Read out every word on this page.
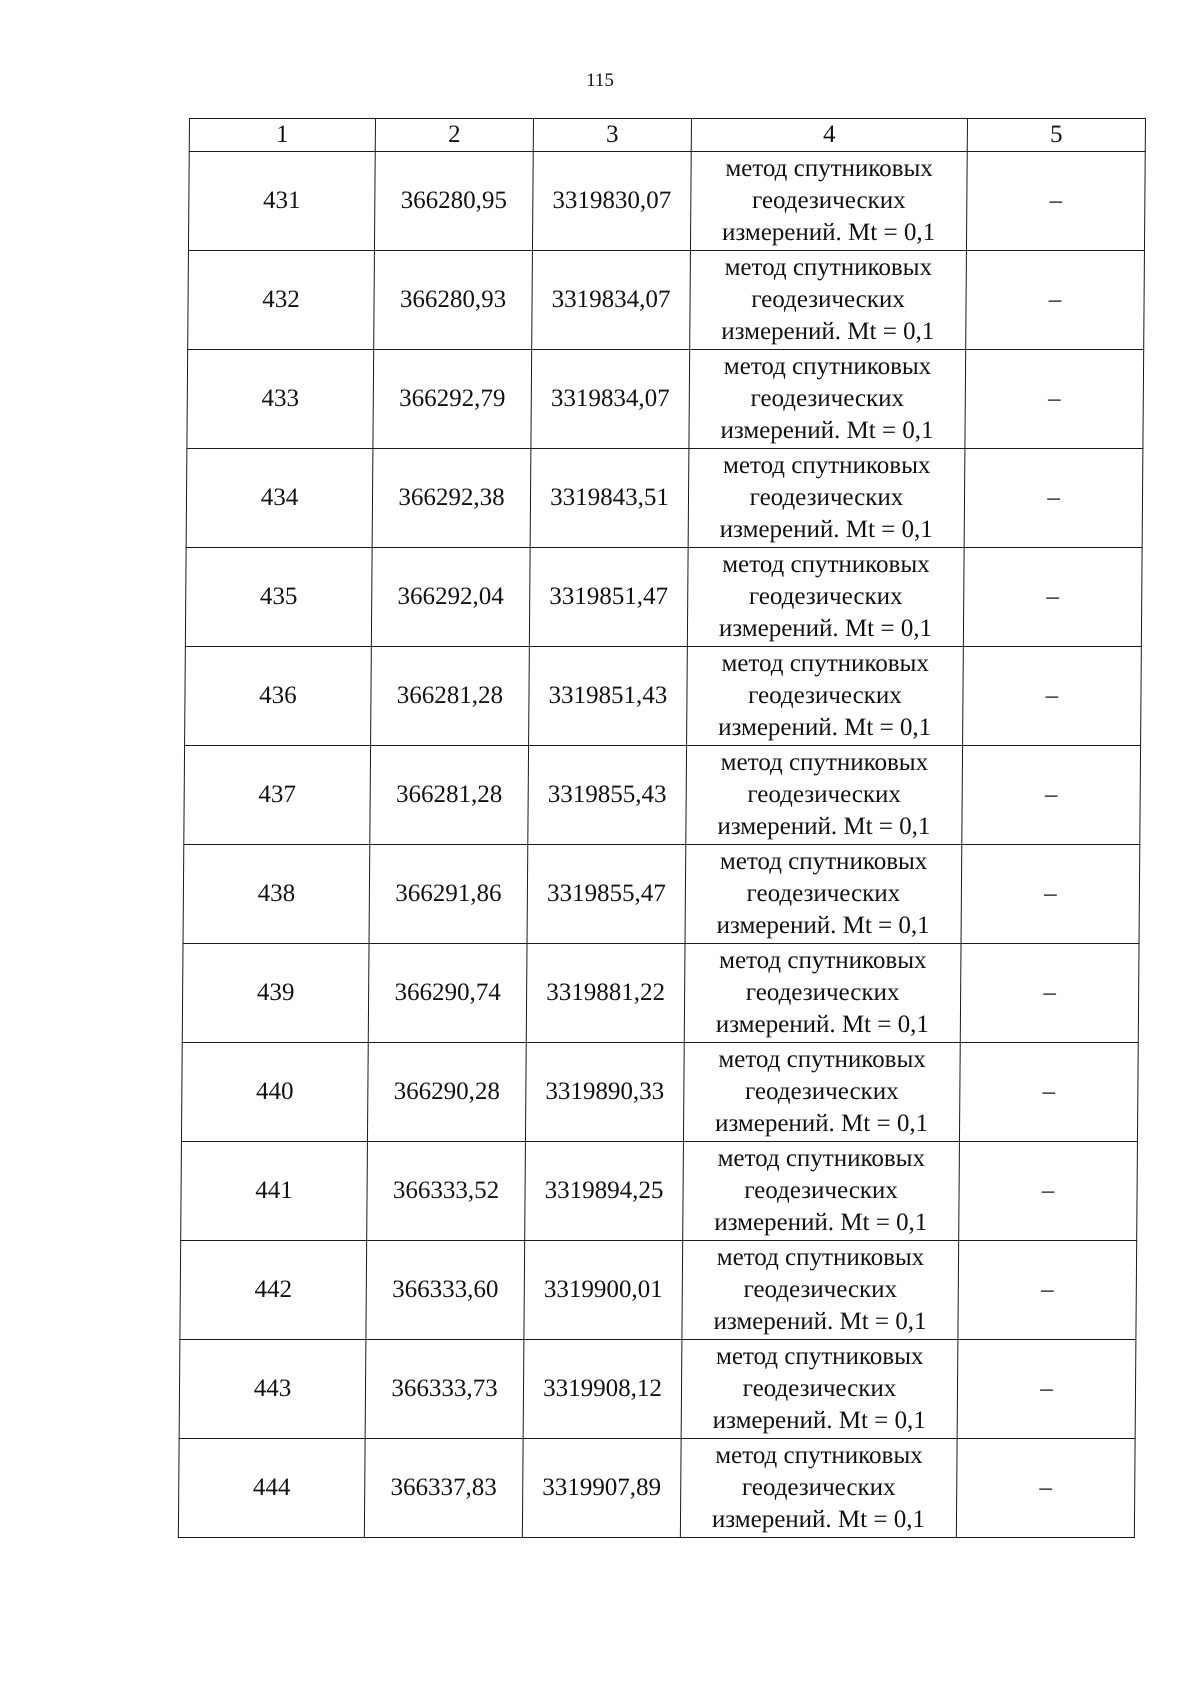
115
1	2	3	4	5
431	366280,95	3319830,07	метод спутниковых
геодезических
измерений. Mt = 0,1	–
432	366280,93	3319834,07	метод спутниковых
геодезических
измерений. Mt = 0,1	–
433	366292,79	3319834,07	метод спутниковых
геодезических
измерений. Mt = 0,1	–
434	366292,38	3319843,51	метод спутниковых
геодезических
измерений. Mt = 0,1	–
435	366292,04	3319851,47	метод спутниковых
геодезических
измерений. Mt = 0,1	–
436	366281,28	3319851,43	метод спутниковых
геодезических
измерений. Mt = 0,1	–
437	366281,28	3319855,43	метод спутниковых
геодезических
измерений. Mt = 0,1	–
438	366291,86	3319855,47	метод спутниковых
геодезических
измерений. Mt = 0,1	–
439	366290,74	3319881,22	метод спутниковых
геодезических
измерений. Mt = 0,1	–
440	366290,28	3319890,33	метод спутниковых
геодезических
измерений. Mt = 0,1	–
441	366333,52	3319894,25	метод спутниковых
геодезических
измерений. Mt = 0,1	–
442	366333,60	3319900,01	метод спутниковых
геодезических
измерений. Mt = 0,1	–
443	366333,73	3319908,12	метод спутниковых
геодезических
измерений. Mt = 0,1	–
444	366337,83	3319907,89	метод спутниковых
геодезических
измерений. Mt = 0,1	–
